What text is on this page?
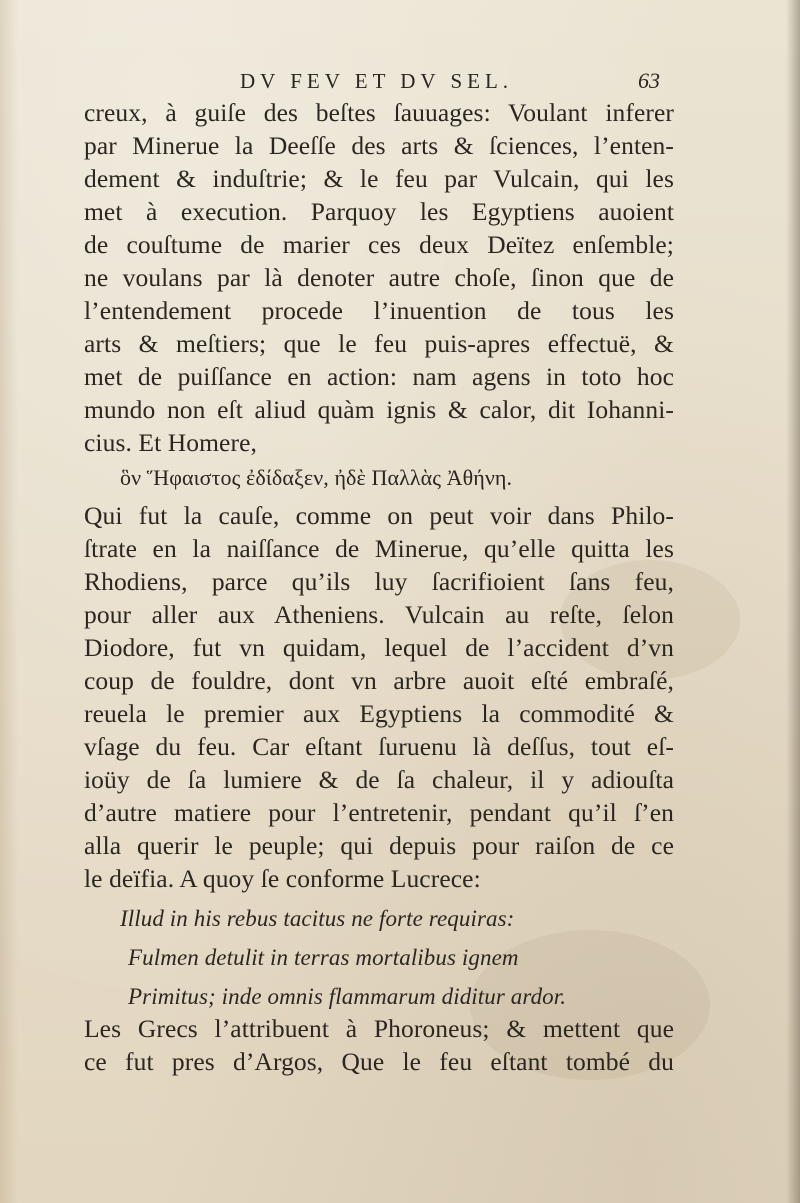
DV FEV ET DV SEL.	63
creux, à guiſe des beſtes ſauuages: Voulant inferer
par Minerue la Deeſſe des arts & ſciences, l’enten-
dement & induſtrie; & le feu par Vulcain, qui les
met à execution. Parquoy les Egyptiens auoient
de couſtume de marier ces deux Deïtez enſemble;
ne voulans par là denoter autre choſe, ſinon que de
l’entendement procede l’inuention de tous les
arts & meſtiers; que le feu puis-apres effectuë, &
met de puiſſance en action: nam agens in toto hoc
mundo non eſt aliud quàm ignis & calor, dit Iohanni-
cius. Et Homere,
ὃν Ἥφαιστος ἐδίδαξεν, ἠδὲ Παλλὰς Ἀθήνη.
Qui fut la cauſe, comme on peut voir dans Philo-
ſtrate en la naiſſance de Minerue, qu’elle quitta les
Rhodiens, parce qu’ils luy ſacrifioient ſans feu,
pour aller aux Atheniens. Vulcain au reſte, ſelon
Diodore, fut vn quidam, lequel de l’accident d’vn
coup de fouldre, dont vn arbre auoit eſté embraſé,
reuela le premier aux Egyptiens la commodité &
vſage du feu. Car eſtant ſuruenu là deſſus, tout eſ-
ioüy de ſa lumiere & de ſa chaleur, il y adiouſta
d’autre matiere pour l’entretenir, pendant qu’il ſ’en
alla querir le peuple; qui depuis pour raiſon de ce
le deïfia. A quoy ſe conforme Lucrece:
Illud in his rebus tacitus ne forte requiras:
Fulmen detulit in terras mortalibus ignem
Primitus; inde omnis flammarum diditur ardor.
Les Grecs l’attribuent à Phoroneus; & mettent que
ce fut pres d’Argos, Que le feu eſtant tombé du
